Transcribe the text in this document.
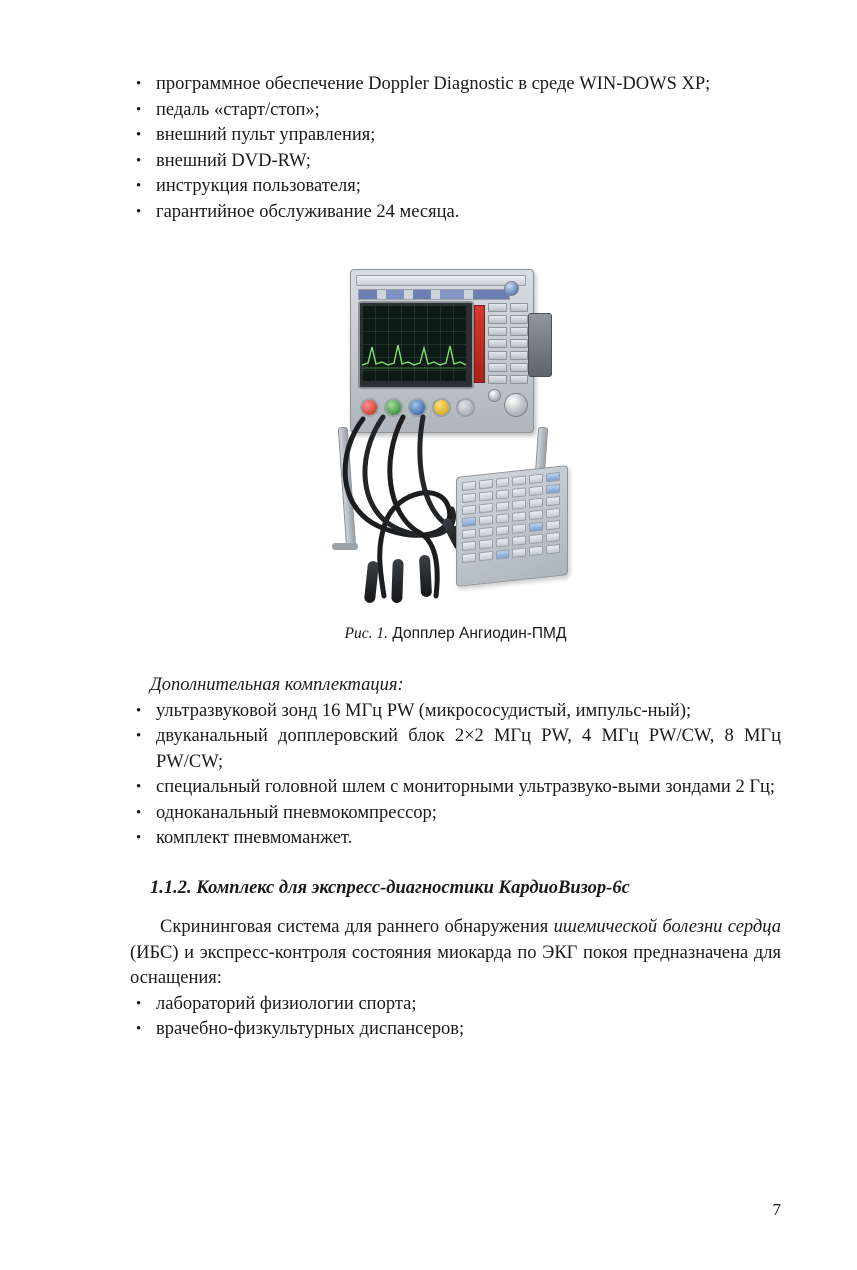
• программное обеспечение Doppler Diagnostic в среде WIN-DOWS XP;
• педаль «старт/стоп»;
• внешний пульт управления;
• внешний DVD-RW;
• инструкция пользователя;
• гарантийное обслуживание 24 месяца.
Рис. 1. Допплер Ангиодин-ПМД
Дополнительная комплектация:
• ультразвуковой зонд 16 МГц PW (микрососудистый, импульс-ный);
• двуканальный допплеровский блок 2×2 МГц PW, 4 МГц PW/CW, 8 МГц PW/CW;
• специальный головной шлем с мониторными ультразвуко-выми зондами 2 Гц;
• одноканальный пневмокомпрессор;
• комплект пневмоманжет.
1.1.2. Комплекс для экспресс-диагностики КардиоВизор-6с

Скрининговая система для раннего обнаружения ишемической болезни сердца (ИБС) и экспресс-контроля состояния миокарда по ЭКГ покоя предназначена для оснащения:

• лабораторий физиологии спорта;
• врачебно-физкультурных диспансеров;
7
